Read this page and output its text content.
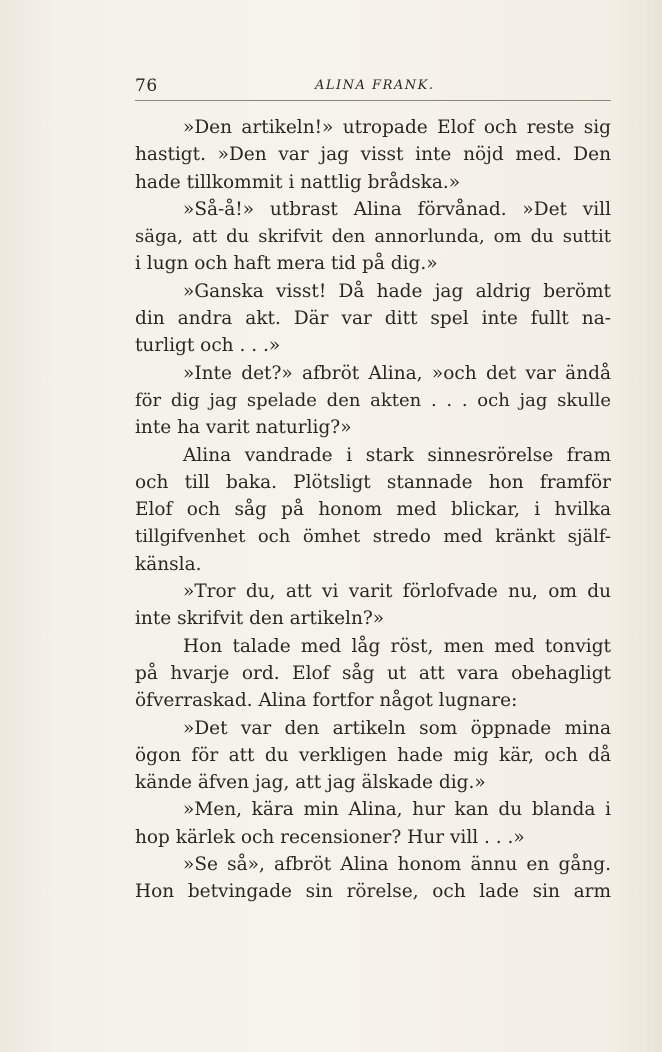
76	ALINA FRANK.
»Den artikeln!» utropade Elof och reste sig
hastigt. »Den var jag visst inte nöjd med. Den
hade tillkommit i nattlig brådska.»
»Så-å!» utbrast Alina förvånad. »Det vill
säga, att du skrifvit den annorlunda, om du suttit
i lugn och haft mera tid på dig.»
»Ganska visst! Då hade jag aldrig berömt
din andra akt. Där var ditt spel inte fullt na-
turligt och . . .»
»Inte det?» afbröt Alina, »och det var ändå
för dig jag spelade den akten . . . och jag skulle
inte ha varit naturlig?»
Alina vandrade i stark sinnesrörelse fram
och till baka. Plötsligt stannade hon framför
Elof och såg på honom med blickar, i hvilka
tillgifvenhet och ömhet stredo med kränkt själf-
känsla.
»Tror du, att vi varit förlofvade nu, om du
inte skrifvit den artikeln?»
Hon talade med låg röst, men med tonvigt
på hvarje ord. Elof såg ut att vara obehagligt
öfverraskad. Alina fortfor något lugnare:
»Det var den artikeln som öppnade mina
ögon för att du verkligen hade mig kär, och då
kände äfven jag, att jag älskade dig.»
»Men, kära min Alina, hur kan du blanda i
hop kärlek och recensioner? Hur vill . . .»
»Se så», afbröt Alina honom ännu en gång.
Hon betvingade sin rörelse, och lade sin arm
